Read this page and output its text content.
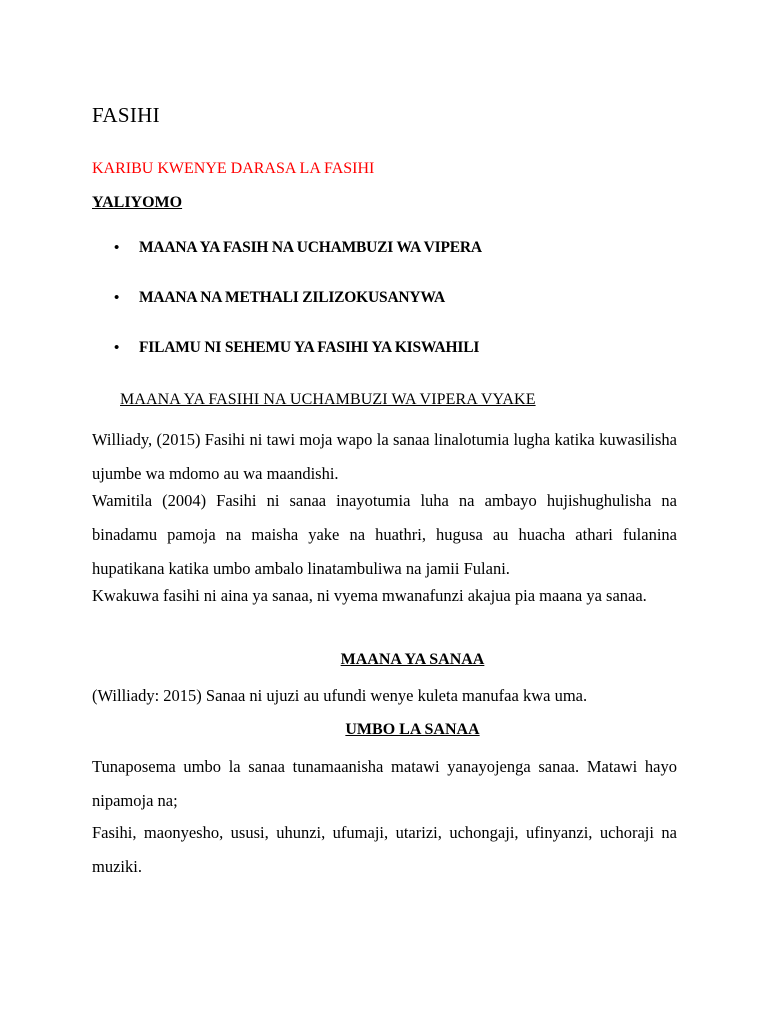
FASIHI
KARIBU KWENYE DARASA LA FASIHI
YALIYOMO
• MAANA YA FASIH NA UCHAMBUZI WA VIPERA
• MAANA NA METHALI ZILIZOKUSANYWA
• FILAMU NI SEHEMU YA FASIHI YA KISWAHILI
MAANA YA FASIHI NA UCHAMBUZI WA VIPERA VYAKE

Williady, (2015) Fasihi ni tawi moja wapo la sanaa linalotumia lugha katika kuwasilisha ujumbe wa mdomo au wa maandishi.

Wamitila (2004) Fasihi ni sanaa inayotumia luha na ambayo hujishughulisha na binadamu pamoja na maisha yake na huathri, hugusa au huacha athari fulanina hupatikana katika umbo ambalo linatambuliwa na jamii Fulani.

Kwakuwa fasihi ni aina ya sanaa, ni vyema mwanafunzi akajua pia maana ya sanaa.

MAANA YA SANAA

(Williady: 2015) Sanaa ni ujuzi au ufundi wenye kuleta manufaa kwa uma.

UMBO LA SANAA

Tunaposema umbo la sanaa tunamaanisha matawi yanayojenga sanaa. Matawi hayo nipamoja na;

Fasihi, maonyesho, ususi, uhunzi, ufumaji, utarizi, uchongaji, ufinyanzi, uchoraji na muziki.
